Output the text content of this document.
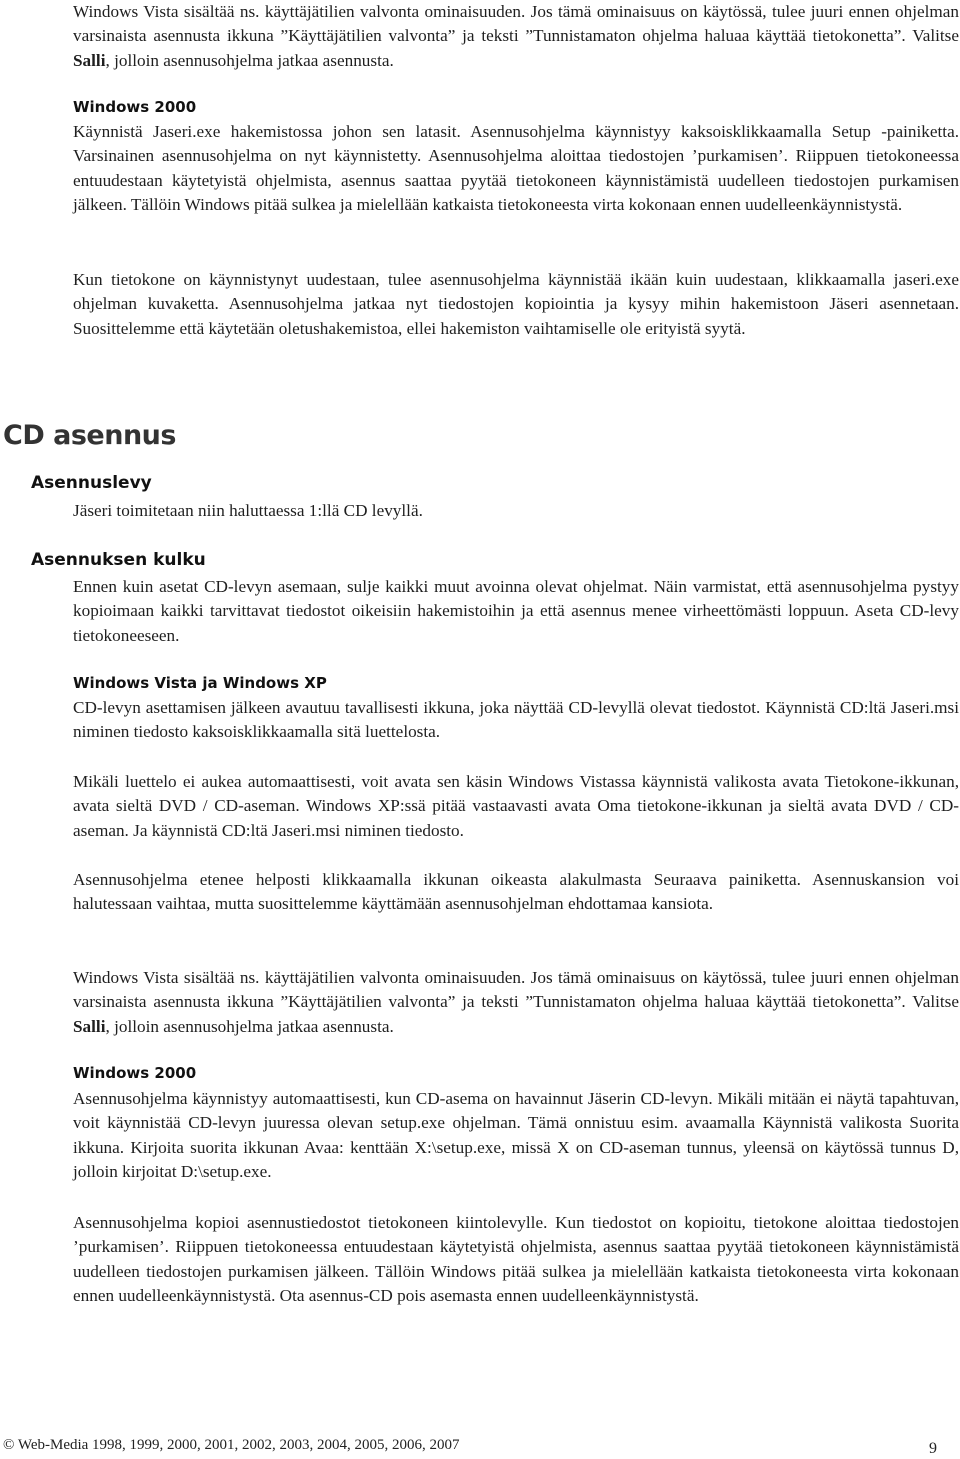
Windows Vista sisältää ns. käyttäjätilien valvonta ominaisuuden. Jos tämä ominaisuus on käytössä, tulee juuri ennen ohjelman varsinaista asennusta ikkuna ”Käyttäjätilien valvonta” ja teksti ”Tunnistamaton ohjelma haluaa käyttää tietokonetta”. Valitse Salli, jolloin asennusohjelma jatkaa asennusta.

Windows 2000

Käynnistä Jaseri.exe hakemistossa johon sen latasit. Asennusohjelma käynnistyy kaksoisklikkaamalla Setup -painiketta. Varsinainen asennusohjelma on nyt käynnistetty. Asennusohjelma aloittaa tiedostojen ’purkamisen’. Riippuen tietokoneessa entuudestaan käytetyistä ohjelmista, asennus saattaa pyytää tietokoneen käynnistämistä uudelleen tiedostojen purkamisen jälkeen. Tällöin Windows pitää sulkea ja mielellään katkaista tietokoneesta virta kokonaan ennen uudelleenkäynnistystä.

Kun tietokone on käynnistynyt uudestaan, tulee asennusohjelma käynnistää ikään kuin uudestaan, klikkaamalla jaseri.exe ohjelman kuvaketta. Asennusohjelma jatkaa nyt tiedostojen kopiointia ja kysyy mihin hakemistoon Jäseri asennetaan. Suosittelemme että käytetään oletushakemistoa, ellei hakemiston vaihtamiselle ole erityistä syytä.

CD asennus
Asennuslevy

Jäseri toimitetaan niin haluttaessa 1:llä CD levyllä.

Asennuksen kulku

Ennen kuin asetat CD-levyn asemaan, sulje kaikki muut avoinna olevat ohjelmat. Näin varmistat, että asennusohjelma pystyy kopioimaan kaikki tarvittavat tiedostot oikeisiin hakemistoihin ja että asennus menee virheettömästi loppuun. Aseta CD-levy tietokoneeseen.

Windows Vista ja Windows XP

CD-levyn asettamisen jälkeen avautuu tavallisesti ikkuna, joka näyttää CD-levyllä olevat tiedostot. Käynnistä CD:ltä Jaseri.msi niminen tiedosto kaksoisklikkaamalla sitä luettelosta.

Mikäli luettelo ei aukea automaattisesti, voit avata sen käsin Windows Vistassa käynnistä valikosta avata Tietokone-ikkunan, avata sieltä DVD / CD-aseman. Windows XP:ssä pitää vastaavasti avata Oma tietokone-ikkunan ja sieltä avata DVD / CD-aseman. Ja käynnistä CD:ltä Jaseri.msi niminen tiedosto.

Asennusohjelma etenee helposti klikkaamalla ikkunan oikeasta alakulmasta Seuraava painiketta. Asennuskansion voi halutessaan vaihtaa, mutta suosittelemme käyttämään asennusohjelman ehdottamaa kansiota.

Windows Vista sisältää ns. käyttäjätilien valvonta ominaisuuden. Jos tämä ominaisuus on käytössä, tulee juuri ennen ohjelman varsinaista asennusta ikkuna ”Käyttäjätilien valvonta” ja teksti ”Tunnistamaton ohjelma haluaa käyttää tietokonetta”. Valitse Salli, jolloin asennusohjelma jatkaa asennusta.

Windows 2000

Asennusohjelma käynnistyy automaattisesti, kun CD-asema on havainnut Jäserin CD-levyn. Mikäli mitään ei näytä tapahtuvan, voit käynnistää CD-levyn juuressa olevan setup.exe ohjelman. Tämä onnistuu esim. avaamalla Käynnistä valikosta Suorita ikkuna. Kirjoita suorita ikkunan Avaa: kenttään X:\setup.exe, missä X on CD-aseman tunnus, yleensä on käytössä tunnus D, jolloin kirjoitat D:\setup.exe.

Asennusohjelma kopioi asennustiedostot tietokoneen kiintolevylle. Kun tiedostot on kopioitu, tietokone aloittaa tiedostojen ’purkamisen’. Riippuen tietokoneessa entuudestaan käytetyistä ohjelmista, asennus saattaa pyytää tietokoneen käynnistämistä uudelleen tiedostojen purkamisen jälkeen. Tällöin Windows pitää sulkea ja mielellään katkaista tietokoneesta virta kokonaan ennen uudelleenkäynnistystä. Ota asennus-CD pois asemasta ennen uudelleenkäynnistystä.

© Web-Media 1998, 1999, 2000, 2001, 2002, 2003, 2004, 2005, 2006, 2007	9
